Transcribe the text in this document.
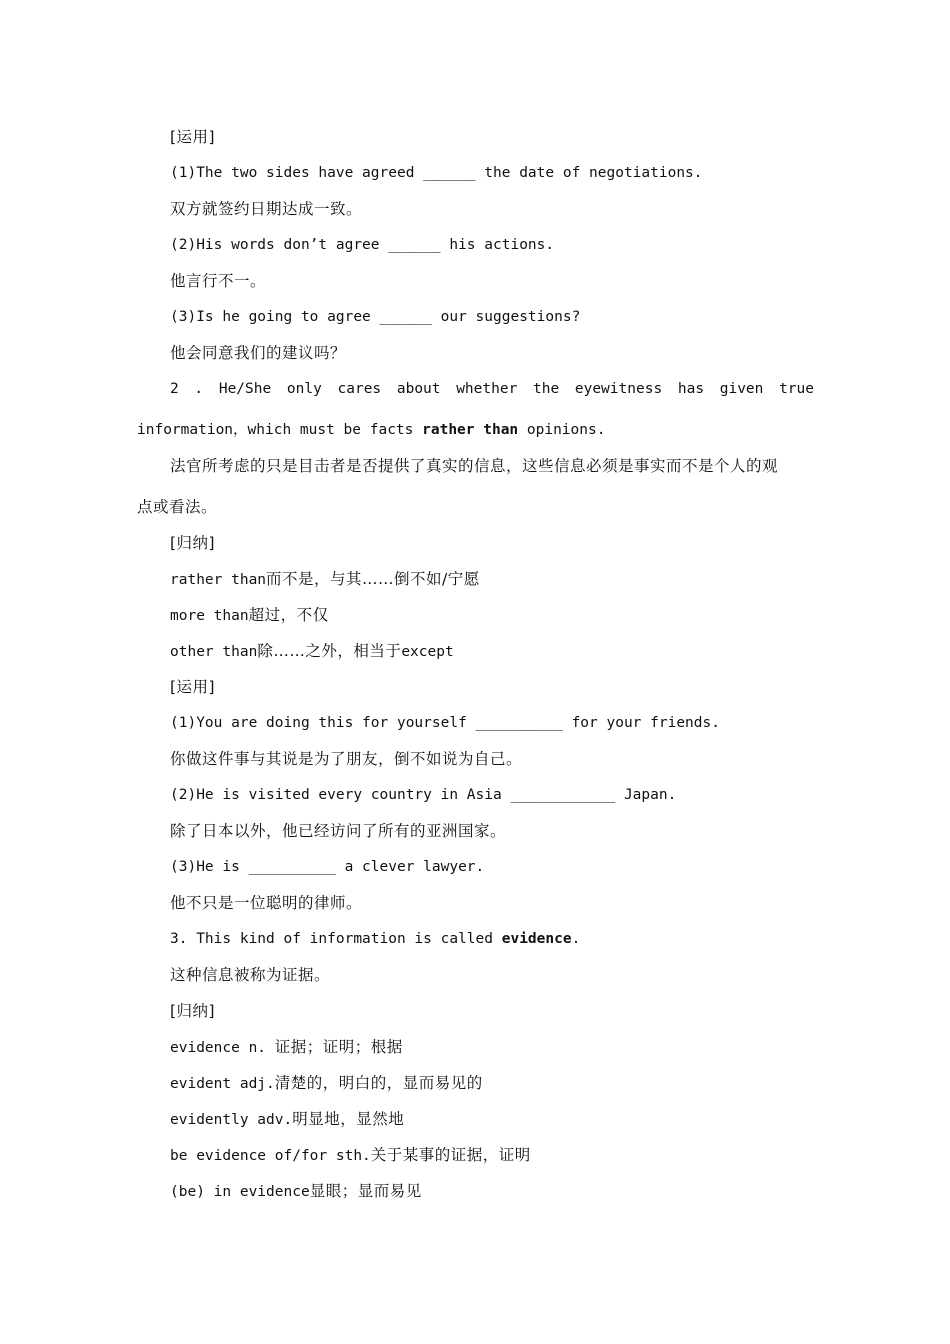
[运用]
(1)The two sides have agreed ______ the date of negotiations.
双方就签约日期达成一致。
(2)His words don’t agree ______ his actions.
他言行不一。
(3)Is he going to agree ______ our suggestions?
他会同意我们的建议吗？
2 . He/She only cares about whether the eyewitness has given true
information，which must be facts rather than opinions.
法官所考虑的只是目击者是否提供了真实的信息，这些信息必须是事实而不是个人的观
点或看法。
[归纳]
rather than而不是，与其……倒不如/宁愿
more than超过，不仅
other than除……之外，相当于except
[运用]
(1)You are doing this for yourself __________ for your friends.
你做这件事与其说是为了朋友，倒不如说为自己。
(2)He is visited every country in Asia ____________ Japan.
除了日本以外，他已经访问了所有的亚洲国家。
(3)He is __________ a clever lawyer.
他不只是一位聪明的律师。
3. This kind of information is called evidence.
这种信息被称为证据。
[归纳]
evidence n. 证据；证明；根据
evident adj.清楚的，明白的，显而易见的
evidently adv.明显地，显然地
be evidence of/for sth.关于某事的证据，证明
(be) in evidence显眼；显而易见
